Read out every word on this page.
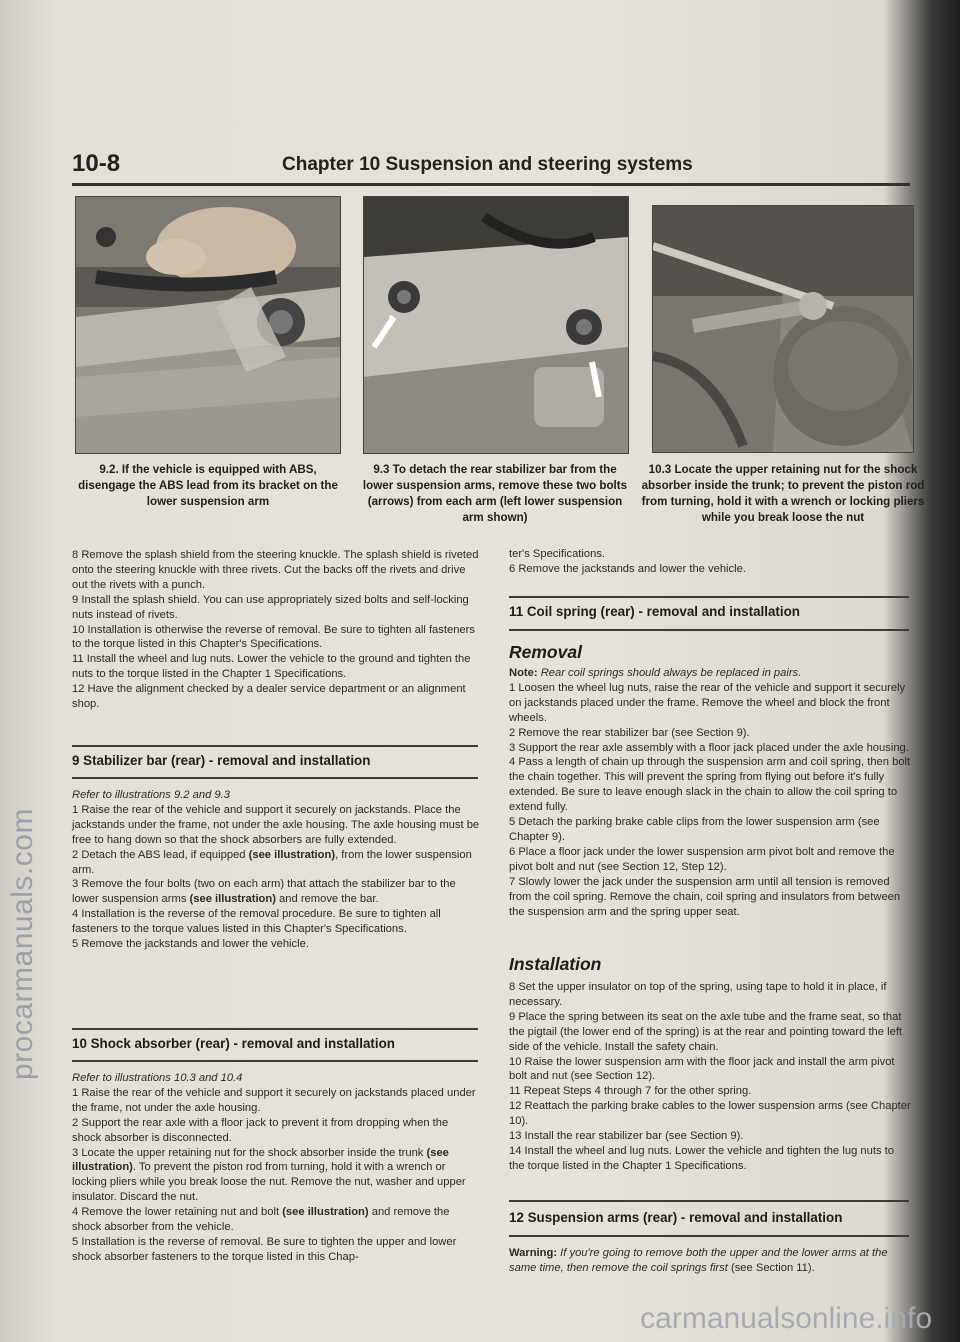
procarmanuals.com
carmanualsonline.info
10-8	Chapter 10 Suspension and steering systems
9.2. If the vehicle is equipped with ABS, disengage the ABS lead from its bracket on the lower suspension arm
9.3 To detach the rear stabilizer bar from the lower suspension arms, remove these two bolts (arrows) from each arm (left lower suspension arm shown)
10.3 Locate the upper retaining nut for the shock absorber inside the trunk; to prevent the piston rod from turning, hold it with a wrench or locking pliers while you break loose the nut

8 Remove the splash shield from the steering knuckle. The splash shield is riveted onto the steering knuckle with three rivets. Cut the backs off the rivets and drive out the rivets with a punch.

9 Install the splash shield. You can use appropriately sized bolts and self-locking nuts instead of rivets.

10 Installation is otherwise the reverse of removal. Be sure to tighten all fasteners to the torque listed in this Chapter's Specifications.

11 Install the wheel and lug nuts. Lower the vehicle to the ground and tighten the nuts to the torque listed in the Chapter 1 Specifications.

12 Have the alignment checked by a dealer service department or an alignment shop.

9 Stabilizer bar (rear) - removal and installation

Refer to illustrations 9.2 and 9.3

1 Raise the rear of the vehicle and support it securely on jackstands. Place the jackstands under the frame, not under the axle housing. The axle housing must be free to hang down so that the shock absorbers are fully extended.

2 Detach the ABS lead, if equipped (see illustration), from the lower suspension arm.

3 Remove the four bolts (two on each arm) that attach the stabilizer bar to the lower suspension arms (see illustration) and remove the bar.

4 Installation is the reverse of the removal procedure. Be sure to tighten all fasteners to the torque values listed in this Chapter's Specifications.

5 Remove the jackstands and lower the vehicle.

10 Shock absorber (rear) - removal and installation

Refer to illustrations 10.3 and 10.4

1 Raise the rear of the vehicle and support it securely on jackstands placed under the frame, not under the axle housing.

2 Support the rear axle with a floor jack to prevent it from dropping when the shock absorber is disconnected.

3 Locate the upper retaining nut for the shock absorber inside the trunk (see illustration). To prevent the piston rod from turning, hold it with a wrench or locking pliers while you break loose the nut. Remove the nut, washer and upper insulator. Discard the nut.

4 Remove the lower retaining nut and bolt (see illustration) and remove the shock absorber from the vehicle.

5 Installation is the reverse of removal. Be sure to tighten the upper and lower shock absorber fasteners to the torque listed in this Chap-

ter's Specifications.

6 Remove the jackstands and lower the vehicle.

11 Coil spring (rear) - removal and installation
Removal

Note: Rear coil springs should always be replaced in pairs.

1 Loosen the wheel lug nuts, raise the rear of the vehicle and support it securely on jackstands placed under the frame. Remove the wheel and block the front wheels.

2 Remove the rear stabilizer bar (see Section 9).

3 Support the rear axle assembly with a floor jack placed under the axle housing.

4 Pass a length of chain up through the suspension arm and coil spring, then bolt the chain together. This will prevent the spring from flying out before it's fully extended. Be sure to leave enough slack in the chain to allow the coil spring to extend fully.

5 Detach the parking brake cable clips from the lower suspension arm (see Chapter 9).

6 Place a floor jack under the lower suspension arm pivot bolt and remove the pivot bolt and nut (see Section 12, Step 12).

7 Slowly lower the jack under the suspension arm until all tension is removed from the coil spring. Remove the chain, coil spring and insulators from between the suspension arm and the spring upper seat.

Installation

8 Set the upper insulator on top of the spring, using tape to hold it in place, if necessary.

9 Place the spring between its seat on the axle tube and the frame seat, so that the pigtail (the lower end of the spring) is at the rear and pointing toward the left side of the vehicle. Install the safety chain.

10 Raise the lower suspension arm with the floor jack and install the arm pivot bolt and nut (see Section 12).

11 Repeat Steps 4 through 7 for the other spring.

12 Reattach the parking brake cables to the lower suspension arms (see Chapter 10).

13 Install the rear stabilizer bar (see Section 9).

14 Install the wheel and lug nuts. Lower the vehicle and tighten the lug nuts to the torque listed in the Chapter 1 Specifications.

12 Suspension arms (rear) - removal and installation

Warning: If you're going to remove both the upper and the lower arms at the same time, then remove the coil springs first (see Section 11).
